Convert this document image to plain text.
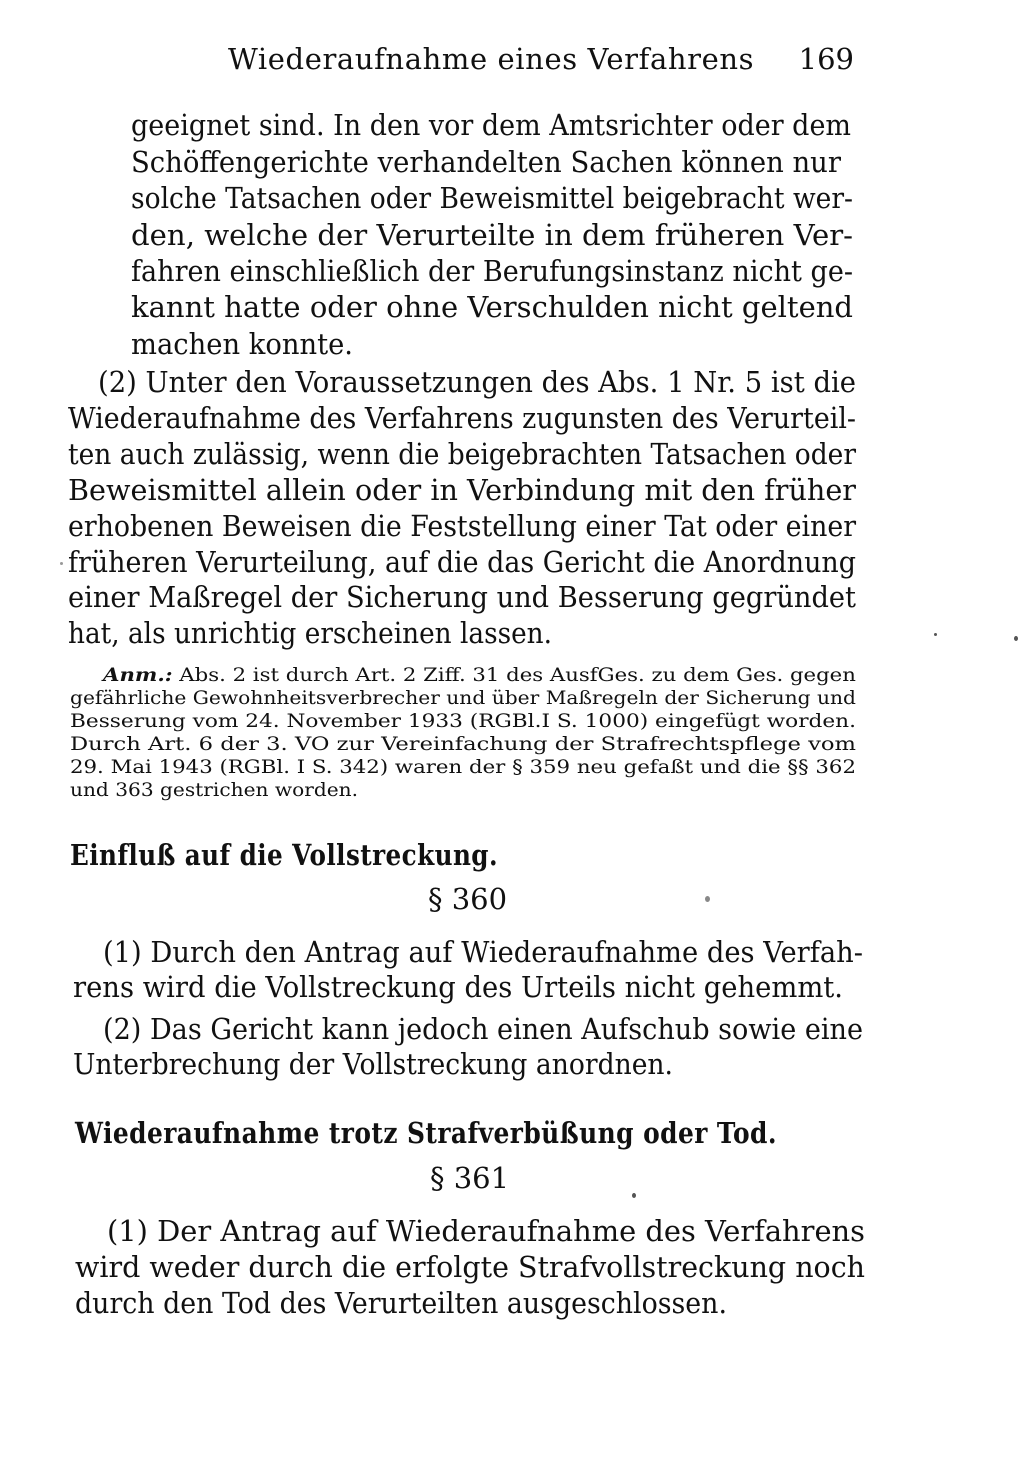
Wiederaufnahme eines Verfahrens 169
geeignet sind. In den vor dem Amtsrichter oder dem
Schöffengerichte verhandelten Sachen können nur
solche Tatsachen oder Beweismittel beigebracht wer-
den, welche der Verurteilte in dem früheren Ver-
fahren einschließlich der Berufungsinstanz nicht ge-
kannt hatte oder ohne Verschulden nicht geltend
machen konnte.
(2) Unter den Voraussetzungen des Abs. 1 Nr. 5 ist die
Wiederaufnahme des Verfahrens zugunsten des Verurteil-
ten auch zulässig, wenn die beigebrachten Tatsachen oder
Beweismittel allein oder in Verbindung mit den früher
erhobenen Beweisen die Feststellung einer Tat oder einer
früheren Verurteilung, auf die das Gericht die Anordnung
einer Maßregel der Sicherung und Besserung gegründet
hat, als unrichtig erscheinen lassen.
Anm.: Abs. 2 ist durch Art. 2 Ziff. 31 des AusfGes. zu dem Ges. gegen
gefährliche Gewohnheitsverbrecher und über Maßregeln der Sicherung und
Besserung vom 24. November 1933 (RGBl.I S. 1000) eingefügt worden.
Durch Art. 6 der 3. VO zur Vereinfachung der Strafrechtspflege vom
29. Mai 1943 (RGBl. I S. 342) waren der § 359 neu gefaßt und die §§ 362
und 363 gestrichen worden.
Einfluß auf die Vollstreckung.
§ 360
(1) Durch den Antrag auf Wiederaufnahme des Verfah-
rens wird die Vollstreckung des Urteils nicht gehemmt.
(2) Das Gericht kann jedoch einen Aufschub sowie eine
Unterbrechung der Vollstreckung anordnen.
Wiederaufnahme trotz Strafverbüßung oder Tod.
§ 361
(1) Der Antrag auf Wiederaufnahme des Verfahrens
wird weder durch die erfolgte Strafvollstreckung noch
durch den Tod des Verurteilten ausgeschlossen.
